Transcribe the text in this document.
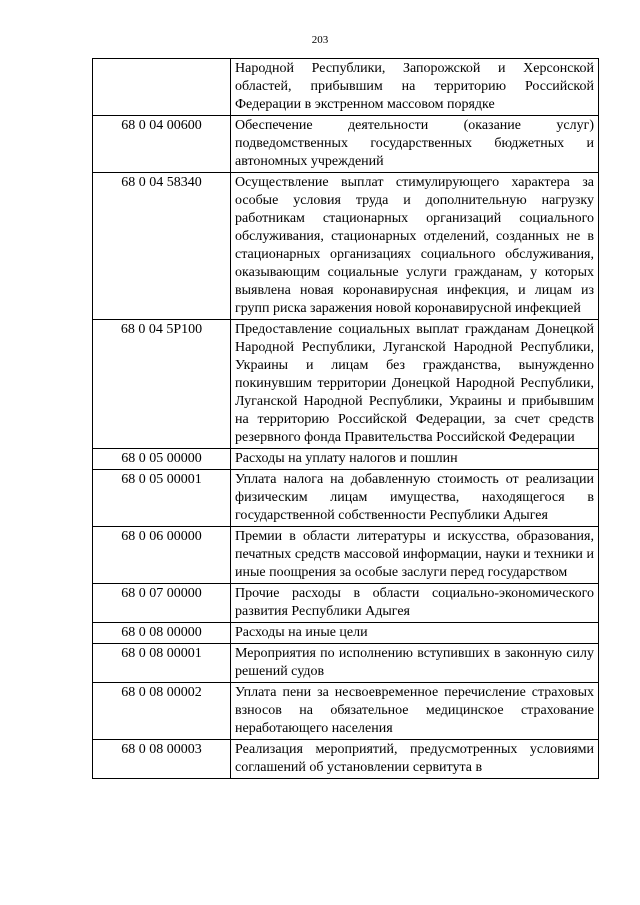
203
	Народной Республики, Запорожской и Херсонской областей, прибывшим на территорию Российской Федерации в экстренном массовом порядке
68 0 04 00600	Обеспечение деятельности (оказание услуг) подведомственных государственных бюджетных и автономных учреждений
68 0 04 58340	Осуществление выплат стимулирующего характера за особые условия труда и дополнительную нагрузку работникам стационарных организаций социального обслуживания, стационарных отделений, созданных не в стационарных организациях социального обслуживания, оказывающим социальные услуги гражданам, у которых выявлена новая коронавирусная инфекция, и лицам из групп риска заражения новой коронавирусной инфекцией
68 0 04 5P100	Предоставление социальных выплат гражданам Донецкой Народной Республики, Луганской Народной Республики, Украины и лицам без гражданства, вынужденно покинувшим территории Донецкой Народной Республики, Луганской Народной Республики, Украины и прибывшим на территорию Российской Федерации, за счет средств резервного фонда Правительства Российской Федерации
68 0 05 00000	Расходы на уплату налогов и пошлин
68 0 05 00001	Уплата налога на добавленную стоимость от реализации физическим лицам имущества, находящегося в государственной собственности Республики Адыгея
68 0 06 00000	Премии в области литературы и искусства, образования, печатных средств массовой информации, науки и техники и иные поощрения за особые заслуги перед государством
68 0 07 00000	Прочие расходы в области социально-экономического развития Республики Адыгея
68 0 08 00000	Расходы на иные цели
68 0 08 00001	Мероприятия по исполнению вступивших в законную силу решений судов
68 0 08 00002	Уплата пени за несвоевременное перечисление страховых взносов на обязательное медицинское страхование неработающего населения
68 0 08 00003	Реализация мероприятий, предусмотренных условиями соглашений об установлении сервитута в
